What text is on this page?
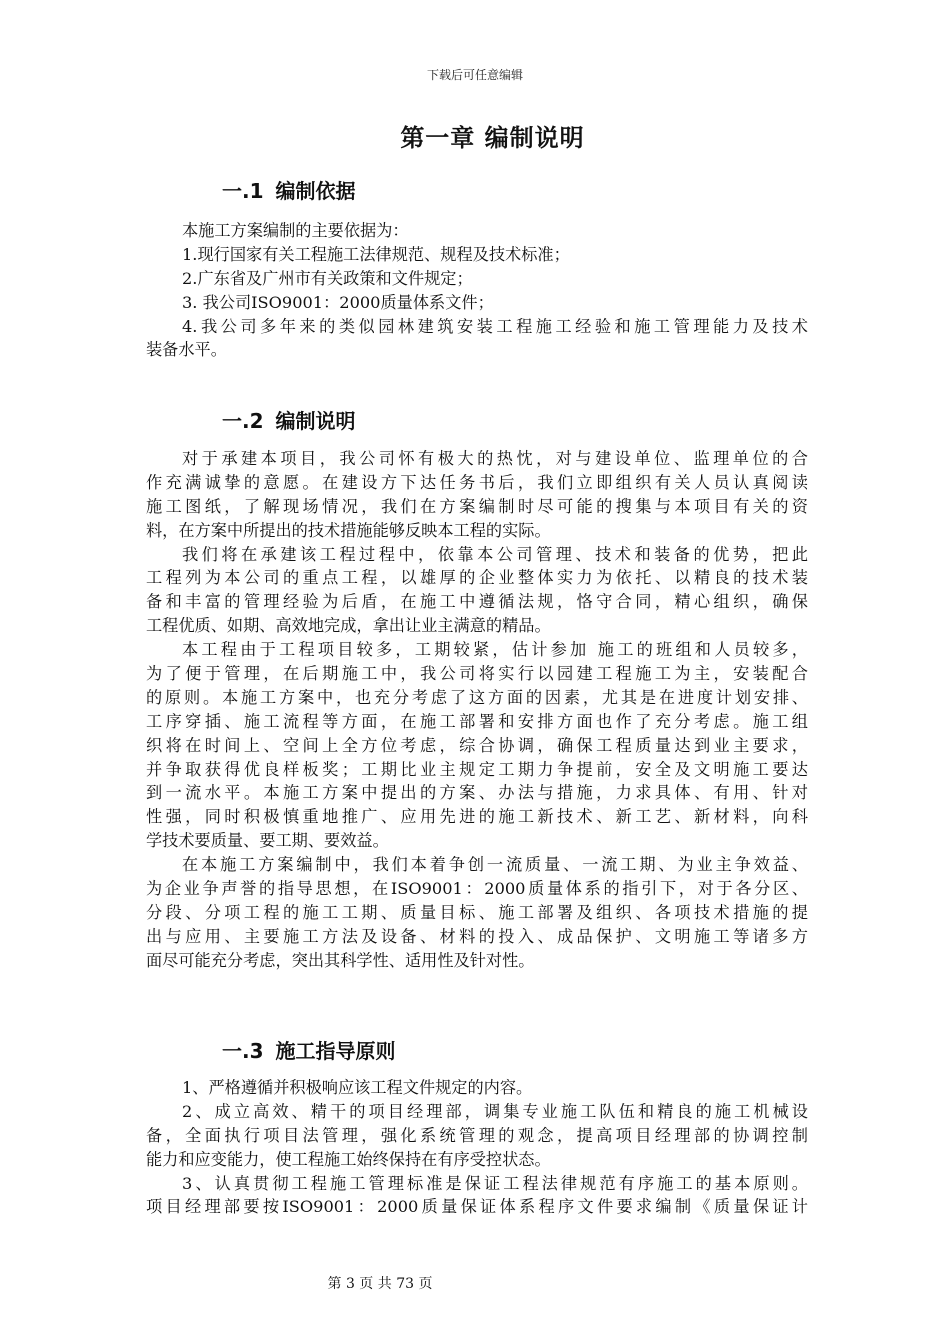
下载后可任意编辑
第一章 编制说明
一.1 编制依据
本施工方案编制的主要依据为：
1.现行国家有关工程施工法律规范、规程及技术标准；
2.广东省及广州市有关政策和文件规定；
3. 我公司ISO9001：2000质量体系文件；
4.我公司多年来的类似园林建筑安装工程施工经验和施工管理能力及技术
装备水平。
一.2 编制说明
对于承建本项目，我公司怀有极大的热忱，对与建设单位、监理单位的合
作充满诚挚的意愿。在建设方下达任务书后，我们立即组织有关人员认真阅读
施工图纸，了解现场情况，我们在方案编制时尽可能的搜集与本项目有关的资
料，在方案中所提出的技术措施能够反映本工程的实际。
我们将在承建该工程过程中，依靠本公司管理、技术和装备的优势，把此
工程列为本公司的重点工程，以雄厚的企业整体实力为依托、以精良的技术装
备和丰富的管理经验为后盾，在施工中遵循法规，恪守合同，精心组织，确保
工程优质、如期、高效地完成，拿出让业主满意的精品。
本工程由于工程项目较多，工期较紧，估计参加 施工的班组和人员较多，
为了便于管理，在后期施工中，我公司将实行以园建工程施工为主，安装配合
的原则。本施工方案中，也充分考虑了这方面的因素，尤其是在进度计划安排、
工序穿插、施工流程等方面，在施工部署和安排方面也作了充分考虑。施工组
织将在时间上、空间上全方位考虑，综合协调，确保工程质量达到业主要求，
并争取获得优良样板奖；工期比业主规定工期力争提前，安全及文明施工要达
到一流水平。本施工方案中提出的方案、办法与措施，力求具体、有用、针对
性强，同时积极慎重地推广、应用先进的施工新技术、新工艺、新材料，向科
学技术要质量、要工期、要效益。
在本施工方案编制中，我们本着争创一流质量、一流工期、为业主争效益、
为企业争声誉的指导思想，在ISO9001：2000质量体系的指引下，对于各分区、
分段、分项工程的施工工期、质量目标、施工部署及组织、各项技术措施的提
出与应用、主要施工方法及设备、材料的投入、成品保护、文明施工等诸多方
面尽可能充分考虑，突出其科学性、适用性及针对性。
一.3 施工指导原则
1、严格遵循并积极响应该工程文件规定的内容。
2、成立高效、精干的项目经理部，调集专业施工队伍和精良的施工机械设
备，全面执行项目法管理，强化系统管理的观念，提高项目经理部的协调控制
能力和应变能力，使工程施工始终保持在有序受控状态。
3、认真贯彻工程施工管理标准是保证工程法律规范有序施工的基本原则。
项目经理部要按ISO9001：2000质量保证体系程序文件要求编制《质量保证计
第 3 页 共 73 页
